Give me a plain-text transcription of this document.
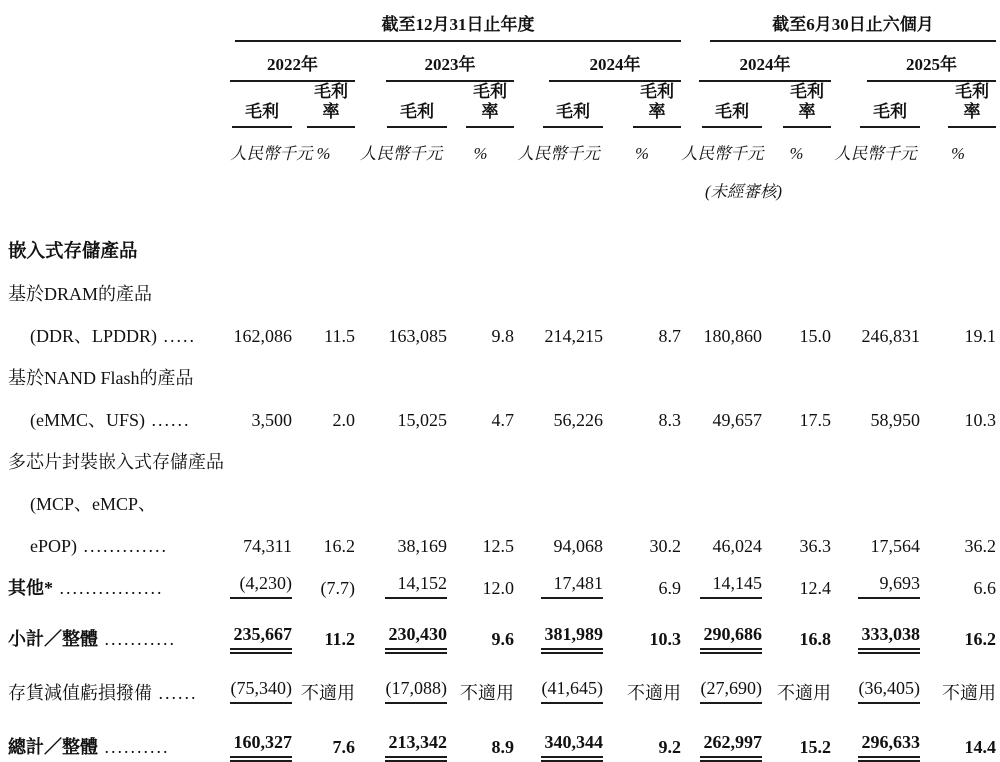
	截至12月31日止年度						截至6月30日止六個月			

	2022年		2023年		2024年		2024年		2025年	

	毛利	毛利率	毛利	毛利率	毛利	毛利率	毛利	毛利率	毛利	毛利率
	人民幣千元	%	人民幣千元	%	人民幣千元	%	人民幣千元	%	人民幣千元	%

							(未經審核)			

嵌入式存儲產品										
基於DRAM的產品										
(DDR、LPDDR) .....	162,086	11.5	163,085	9.8	214,215	8.7	180,860	15.0	246,831	19.1
基於NAND Flash的產品										
(eMMC、UFS) ......	3,500	2.0	15,025	4.7	56,226	8.3	49,657	17.5	58,950	10.3
多芯片封裝嵌入式存儲產品										
(MCP、eMCP、										
ePOP) .............	74,311	16.2	38,169	12.5	94,068	30.2	46,024	36.3	17,564	36.2
其他* ................	(4,230)	(7.7)	14,152	12.0	17,481	6.9	14,145	12.4	9,693	6.6
小計／整體 ...........	235,667	11.2	230,430	9.6	381,989	10.3	290,686	16.8	333,038	16.2
存貨減值虧損撥備 ......	(75,340)	不適用	(17,088)	不適用	(41,645)	不適用	(27,690)	不適用	(36,405)	不適用
總計／整體 ..........	160,327	7.6	213,342	8.9	340,344	9.2	262,997	15.2	296,633	14.4
